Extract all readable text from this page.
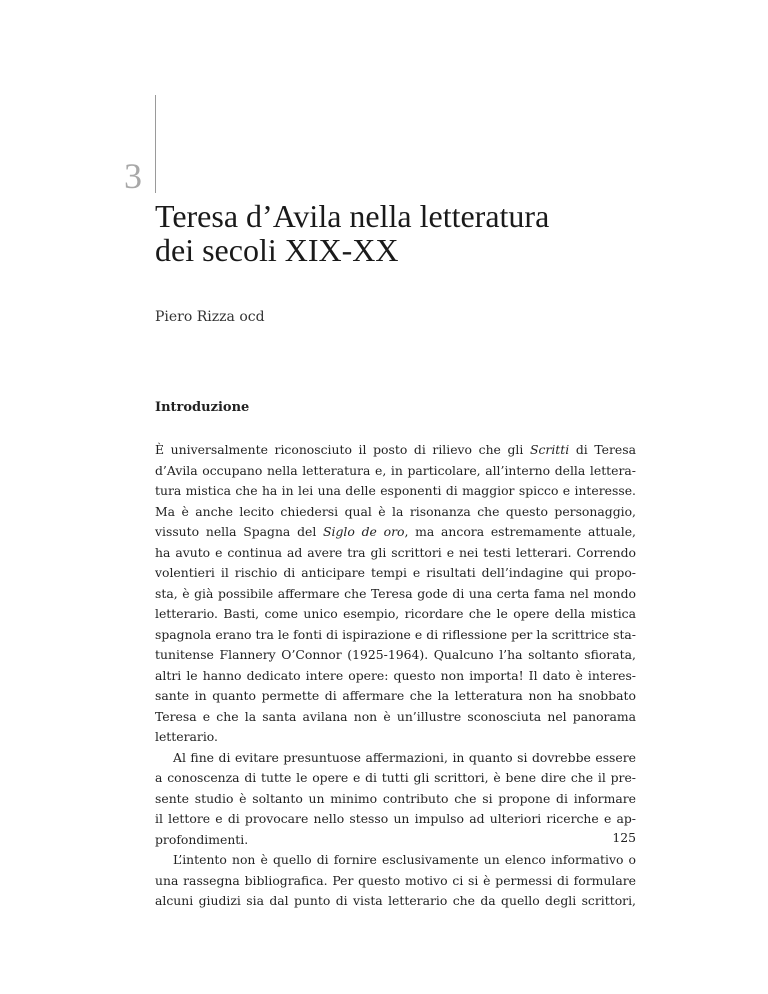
3
Teresa d’Avila nella letteratura
dei secoli XIX-XX
Piero Rizza ocd
Introduzione
È universalmente riconosciuto il posto di rilievo che gli Scritti di Teresa
d’Avila occupano nella letteratura e, in particolare, all’interno della lettera-
tura mistica che ha in lei una delle esponenti di maggior spicco e interesse.
Ma è anche lecito chiedersi qual è la risonanza che questo personaggio,
vissuto nella Spagna del Siglo de oro, ma ancora estremamente attuale,
ha avuto e continua ad avere tra gli scrittori e nei testi letterari. Correndo
volentieri il rischio di anticipare tempi e risultati dell’indagine qui propo-
sta, è già possibile affermare che Teresa gode di una certa fama nel mondo
letterario. Basti, come unico esempio, ricordare che le opere della mistica
spagnola erano tra le fonti di ispirazione e di riflessione per la scrittrice sta-
tunitense Flannery O’Connor (1925-1964). Qualcuno l’ha soltanto sfiorata,
altri le hanno dedicato intere opere: questo non importa! Il dato è interes-
sante in quanto permette di affermare che la letteratura non ha snobbato
Teresa e che la santa avilana non è un’illustre sconosciuta nel panorama
letterario.
Al fine di evitare presuntuose affermazioni, in quanto si dovrebbe essere
a conoscenza di tutte le opere e di tutti gli scrittori, è bene dire che il pre-
sente studio è soltanto un minimo contributo che si propone di informare
il lettore e di provocare nello stesso un impulso ad ulteriori ricerche e ap-
profondimenti.
L’intento non è quello di fornire esclusivamente un elenco informativo o
una rassegna bibliografica. Per questo motivo ci si è permessi di formulare
alcuni giudizi sia dal punto di vista letterario che da quello degli scrittori,
125
